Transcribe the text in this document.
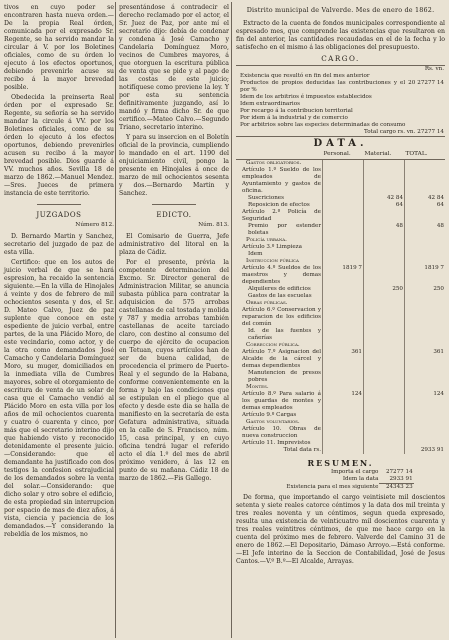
tivos en cuyo poder se encontraren hasta nueva orden.— De la propia Real órden, comunicada por el expresado Sr. Regente, se ha servido mandar la circular á V. por los Boletines oficiales, como de su órden lo ejecuto á los efectos oportunos, debiendo prevenirle acuse su recibo á la mayor brevedad posible.

Obedecida la preinserta Real órden por el expresado Sr. Regente, su señoría se ha servido mandar la circule á VV. por los Boletines oficiales, como de su órden lo ejecuto á los efectos oportunos, debiendo prevenirles acusen su recibo á la mayor brevedad posible. Dios guarde á VV. muchos años. Sevilla 18 de marzo de 1862.—Manuel Mendez.—Sres. Jueces de primera instancia de este territorio.

JUZGADOS

Número 812.

D. Bernardo Martin y Sanchez, secretario del juzgado de paz de esta villa.

Certifico: que en los autos de juicio verbal de que se hará espresion, ha recaido la sentencia siguiente.—En la villa de Hinojales á veinte y dos de febrero de mil ochocientos sesenta y dos, el Sr. D. Mateo Calvo, Juez de paz suplente que conoce en este espediente de juicio verbal, entre partes, de la una Plácido Moro, de este vecindario, como actor, y de la otra como demandados José Camacho y Candelaria Domínguez Moro, su muger, domiciliados en la inmediata villa de Cumbres mayores, sobre el otorgamiento de escritura de venta de un solar de casa que el Camacho vendió al Plácido Moro en esta villa por los años de mil ochocientos cuarenta y cuatro ó cuarenta y cinco, por más que el secretario interino dijo que habiendo visto y reconocido detenidamente el presente juicio.—Considerando: que el demandante ha justificado con dos testigos la confesion estrajudicial de los demandados sobre la venta del solar.—Considerando: que dicho solar y otro sobre el edificio, de esta propiedad sin interrupcion por espacio de mas de diez años, á vista, ciencia y paciencia de los demandados.—Y considerando la rebeldía de los mismos, no

presentándose á contradecir el derecho reclamado por el actor, el Sr. Juez de Paz, por ante mí el secretario dijo: debía de condenar y condena á José Camacho y Candelaria Domínguez Moro, vecinos de Cumbres mayores, á que otorguen la escritura pública de venta que se pide y al pago de las costas de este juicio; notifíquese como previene la ley. Y por esta su sentencia definitivamente juzgando, así lo mandó y firma dicho Sr. de que certifico.—Mateo Calvo.—Segundo Triano, secretario interino.

Y para su insercion en el Boletín oficial de la provincia, cumpliendo lo mandado en el art. 1190 del enjuiciamiento civil, pongo la presente en Hinojales á once de marzo de mil ochocientos sesenta y dos.—Bernardo Martin y Sanchez.

EDICTO.

Núm. 813.

El Comisario de Guerra, Jefe administrativo del litoral en la plaza de Cádiz.

Por el presente, prévia la competente determinacion del Excmo. Sr. Director general de Administracion Militar, se anuncia subasta pública para contratar la adquisicion de 575 arrobas castellanas de cal tostada y molida y 787 y media arrobas también castellanas de aceite tarciado claro, con destino al consumo del cuerpo de ejército de ocupacion en Tetuan, cuyos artículos han de ser de buena calidad, de procedencia el primero de Puerto-Real y el segundo de la Habana, conforme convenientemente en la forma y bajo las condiciones que se estipulan en el pliego que al efecto y desde este dia se halla de manifiesto en la secretaría de esta Gefatura administrativa, situada en la calle de S. Francisco, núm. 15, casa principal, y en cuyo oficina tendrá lugar el referido acto el día 1.º del mes de abril próximo venidero, á las 12 en punto de su mañana. Cádiz 18 de marzo de 1862.—Fis Gallego.

Distrito municipal de Valverde. Mes de enero de 1862.

Extracto de la cuenta de fondos municipales correspondiente al espresado mes, que comprende las existencias que resultaron en fin del anterior, las cantidades recaudadas en el de la fecha y lo satisfecho en el mismo á las obligaciones del presupuesto.

CARGO.
	Rs. vn.
Existencia que resultó en fin del mes anterior	
Productos de propios deducidas las contribuciones y el 20 por %	27277 14
Idem de los arbitrios é impuestos establecidos	
Idem extraordinarios	
Por recargo á la contribucion territorial	
Por idem á la industrial y de comercio	
Por arbitrios sobre las especies determinadas de consumo	
Total cargo rs. vn.	27277 14
DATA.
	Personal.	Material.	TOTAL.
Gastos obligatorios.			
Artículo 1.º Sueldo de los empleados de Ayuntamiento y gastos de oficina.			
Suscriciones		42 84	42 84
Reposicion de efectos		64	64
Artículo 2.º Policía de Seguridad			
Premio por estender boletas		48	48
Policía urbana.			
Artículo 3.º Limpieza			
Idem			
Instruccion pública			
Artículo 4.º Sueldos de los maestros y demas dependientes	1819 7		1819 7
Alquileres de edificios		250	250
Gastos de las escuelas			
Obras públicas.			
Artículo 6.º Conservacion y reparacion de los edificios del común			
Id. de las fuentes y cañerías			
Correccion pública.			
Artículo 7.º Asignacion del Alcalde de la cárcel y demas dependientes	361		361
Manutencion de presos pobres			
Montes.			
Artículo 8.º Para salario á los guardas de montes y demas empleados	124		124
Artículo 9.º Cargas			
Gastos voluntarios.			
Artículo 10. Obras de nueva construccion			
Artículo 11. Imprevistos			
Total data rs.			2933 91
RESUMEN.
Importa el cargo	27277 14
Idem la data	2933 91
Existencia para el mes siguiente	24343 23

De forma, que importando el cargo veintisiete mil doscientos setenta y siete reales catorce céntimos y la data dos mil treinta y tres reales noventa y un céntimos, segun queda expresado, resulta una existencia de veinticuatro mil doscientos cuarenta y tres reales veintitres céntimos, de que me hace cargo en la cuenta del próximo mes de febrero. Valverde del Camino 31 de enero de 1862.—El Depositario, Dámaso Arroyo.—Está conforme.—El Jefe interino de la Seccion de Contabilidad, José de Jesus Cantos.—V.º B.º—El Alcalde, Arrayas.
